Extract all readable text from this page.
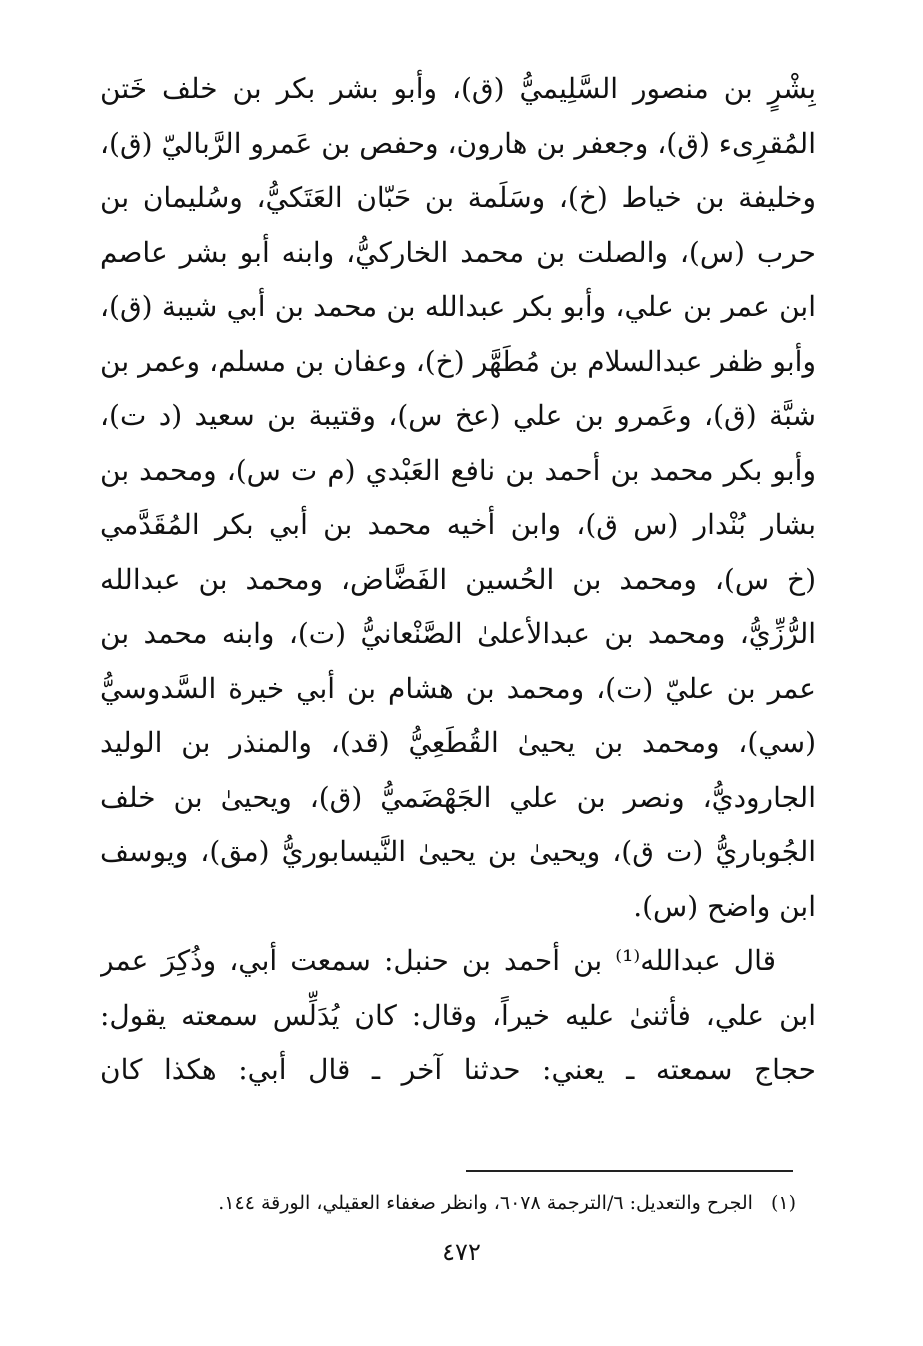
بِشْرٍ بن منصور السَّلِيميُّ (ق)، وأبو بشر بكر بن خلف خَتن
المُقرِىء (ق)، وجعفر بن هارون، وحفص بن عَمرو الرَّباليّ (ق)،
وخليفة بن خياط (خ)، وسَلَمة بن حَبّان العَتَكيُّ، وسُليمان بن
حرب (س)، والصلت بن محمد الخاركيُّ، وابنه أبو بشر عاصم
ابن عمر بن علي، وأبو بكر عبدالله بن محمد بن أبي شيبة (ق)،
وأبو ظفر عبدالسلام بن مُطَهَّر (خ)، وعفان بن مسلم، وعمر بن
شبَّة (ق)، وعَمرو بن علي (عخ س)، وقتيبة بن سعيد (د ت)،
وأبو بكر محمد بن أحمد بن نافع العَبْدي (م ت س)، ومحمد بن
بشار بُنْدار (س ق)، وابن أخيه محمد بن أبي بكر المُقَدَّمي
(خ س)، ومحمد بن الحُسين الفَضَّاض، ومحمد بن عبدالله
الرُّزِّيُّ، ومحمد بن عبدالأعلىٰ الصَّنْعانيُّ (ت)، وابنه محمد بن
عمر بن عليّ (ت)، ومحمد بن هشام بن أبي خيرة السَّدوسيُّ
(سي)، ومحمد بن يحيىٰ القُطَعِيُّ (قد)، والمنذر بن الوليد
الجاروديُّ، ونصر بن علي الجَهْضَميُّ (ق)، ويحيىٰ بن خلف
الجُوباريُّ (ت ق)، ويحيىٰ بن يحيىٰ النَّيسابوريُّ (مق)، ويوسف
ابن واضح (س).
قال عبدالله⁽¹⁾ بن أحمد بن حنبل: سمعت أبي، وذُكِرَ عمر
ابن علي، فأثنىٰ عليه خيراً، وقال: كان يُدَلِّس سمعته يقول:
حجاج سمعته ـ يعني: حدثنا آخر ـ قال أبي: هكذا كان
(١)الجرح والتعديل: ٦/الترجمة ٦٠٧٨، وانظر صغفاء العقيلي، الورقة ١٤٤.
٤٧٢
